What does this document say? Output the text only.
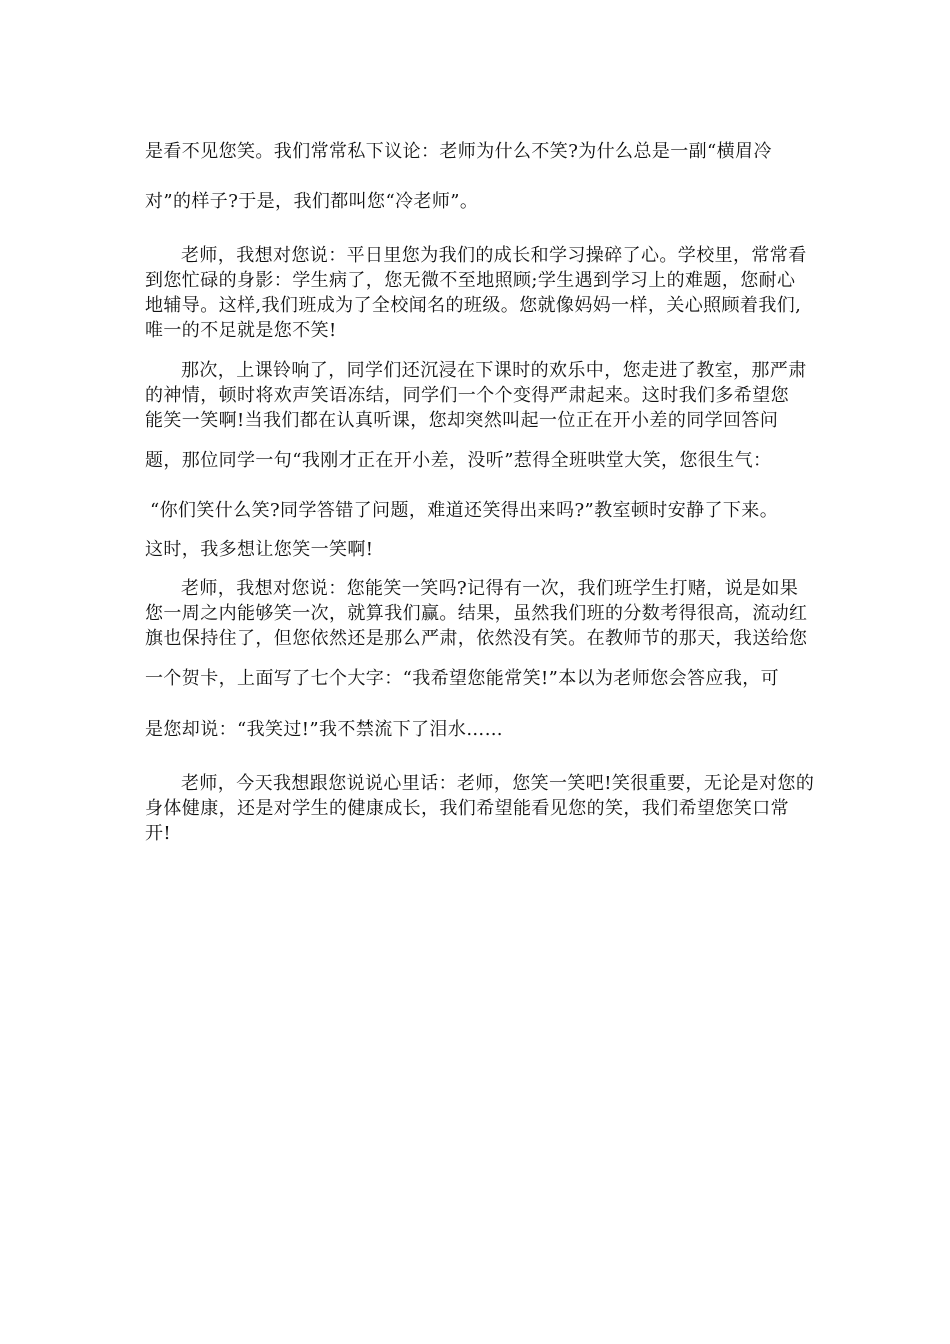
是看不见您笑。我们常常私下议论：老师为什么不笑?为什么总是一副“横眉冷
对”的样子?于是，我们都叫您“冷老师”。
老师，我想对您说：平日里您为我们的成长和学习操碎了心。学校里，常常看
到您忙碌的身影：学生病了，您无微不至地照顾;学生遇到学习上的难题，您耐心
地辅导。这样,我们班成为了全校闻名的班级。您就像妈妈一样，关心照顾着我们,
唯一的不足就是您不笑!
那次，上课铃响了，同学们还沉浸在下课时的欢乐中，您走进了教室，那严肃
的神情，顿时将欢声笑语冻结，同学们一个个变得严肃起来。这时我们多希望您
能笑一笑啊!当我们都在认真听课，您却突然叫起一位正在开小差的同学回答问
题，那位同学一句“我刚才正在开小差，没听”惹得全班哄堂大笑，您很生气：
“你们笑什么笑?同学答错了问题，难道还笑得出来吗?”教室顿时安静了下来。
这时，我多想让您笑一笑啊!
老师，我想对您说：您能笑一笑吗?记得有一次，我们班学生打赌，说是如果
您一周之内能够笑一次，就算我们赢。结果，虽然我们班的分数考得很高，流动红
旗也保持住了，但您依然还是那么严肃，依然没有笑。在教师节的那天，我送给您
一个贺卡，上面写了七个大字：“我希望您能常笑!”本以为老师您会答应我，可
是您却说：“我笑过!”我不禁流下了泪水……
老师，今天我想跟您说说心里话：老师，您笑一笑吧!笑很重要，无论是对您的
身体健康，还是对学生的健康成长，我们希望能看见您的笑，我们希望您笑口常
开!
